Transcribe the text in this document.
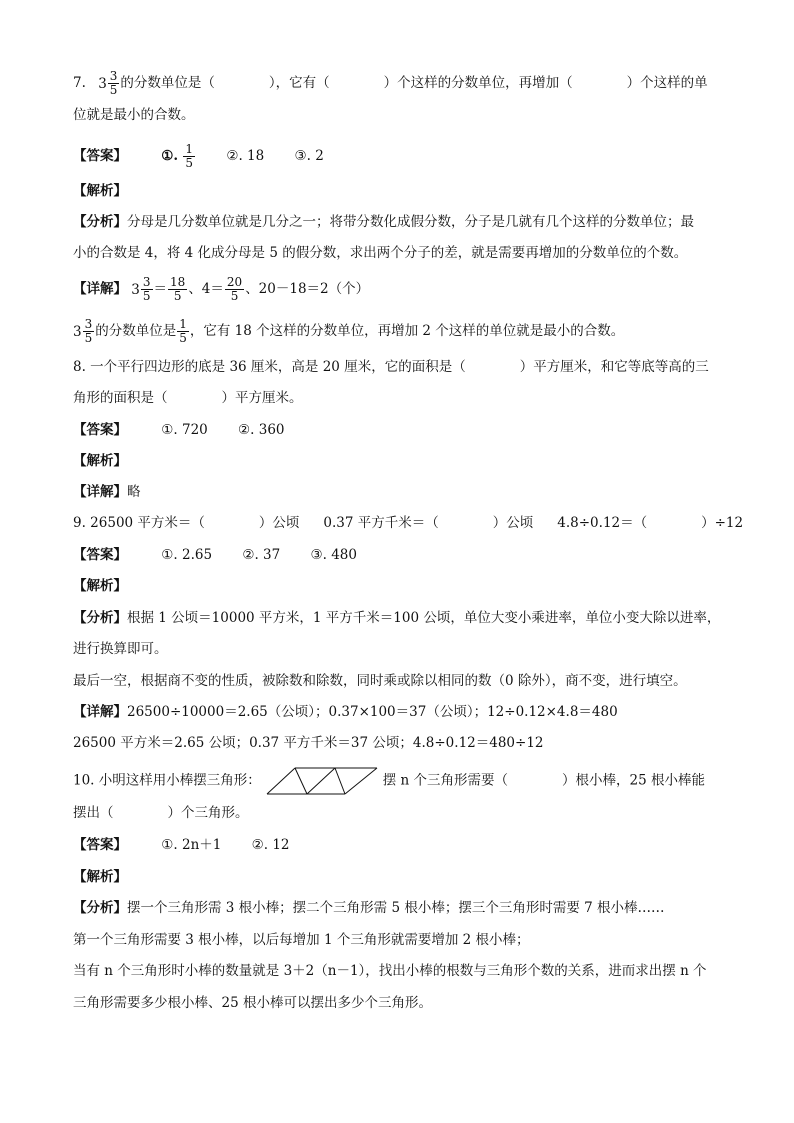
7. $3 \frac{3}{5}$ 的分数单位是（　　　　），它有（　　　　）个这样的分数单位，再增加（　　　　）个这样的单
位就是最小的合数。
【答案】	①. $\frac{1}{5}$ ②. 18 ③. 2
【解析】
【分析】分母是几分数单位就是几分之一；将带分数化成假分数，分子是几就有几个这样的分数单位；最
小的合数是 4，将 4 化成分母是 5 的假分数，求出两个分子的差，就是需要再增加的分数单位的个数。
【详解】 $3 \frac{3}{5} = \frac{18}{5}$ 、$4= \frac{20}{5}$ 、20－18＝2（个）
$3 \frac{3}{5}$ 的分数单位是 $\frac{1}{5}$ ，它有 18 个这样的分数单位，再增加 2 个这样的单位就是最小的合数。
8. 一个平行四边形的底是 36 厘米，高是 20 厘米，它的面积是（　　　　）平方厘米，和它等底等高的三
角形的面积是（　　　　）平方厘米。
【答案】	①. 720 ②. 360
【解析】
【详解】略
9. 26500 平方米＝（　　　　）公顷 0.37 平方千米＝（　　　　）公顷 4.8÷0.12＝（　　　　）÷12
【答案】	①. 2.65 ②. 37 ③. 480
【解析】
【分析】根据 1 公顷＝10000 平方米，1 平方千米＝100 公顷，单位大变小乘进率，单位小变大除以进率，
进行换算即可。
最后一空，根据商不变的性质，被除数和除数，同时乘或除以相同的数（0 除外），商不变，进行填空。
【详解】26500÷10000＝2.65（公顷）；0.37×100＝37（公顷）；12÷0.12×4.8＝480
26500 平方米＝2.65 公顷；0.37 平方千米＝37 公顷；4.8÷0.12＝480÷12
10. 小明这样用小棒摆三角形：	摆 n 个三角形需要（　　　　）根小棒，25 根小棒能
摆出（　　　　）个三角形。
【答案】	①. 2n＋1 ②. 12
【解析】
【分析】摆一个三角形需 3 根小棒；摆二个三角形需 5 根小棒；摆三个三角形时需要 7 根小棒……
第一个三角形需要 3 根小棒，以后每增加 1 个三角形就需要增加 2 根小棒；
当有 n 个三角形时小棒的数量就是 3＋2（n－1），找出小棒的根数与三角形个数的关系，进而求出摆 n 个
三角形需要多少根小棒、25 根小棒可以摆出多少个三角形。
